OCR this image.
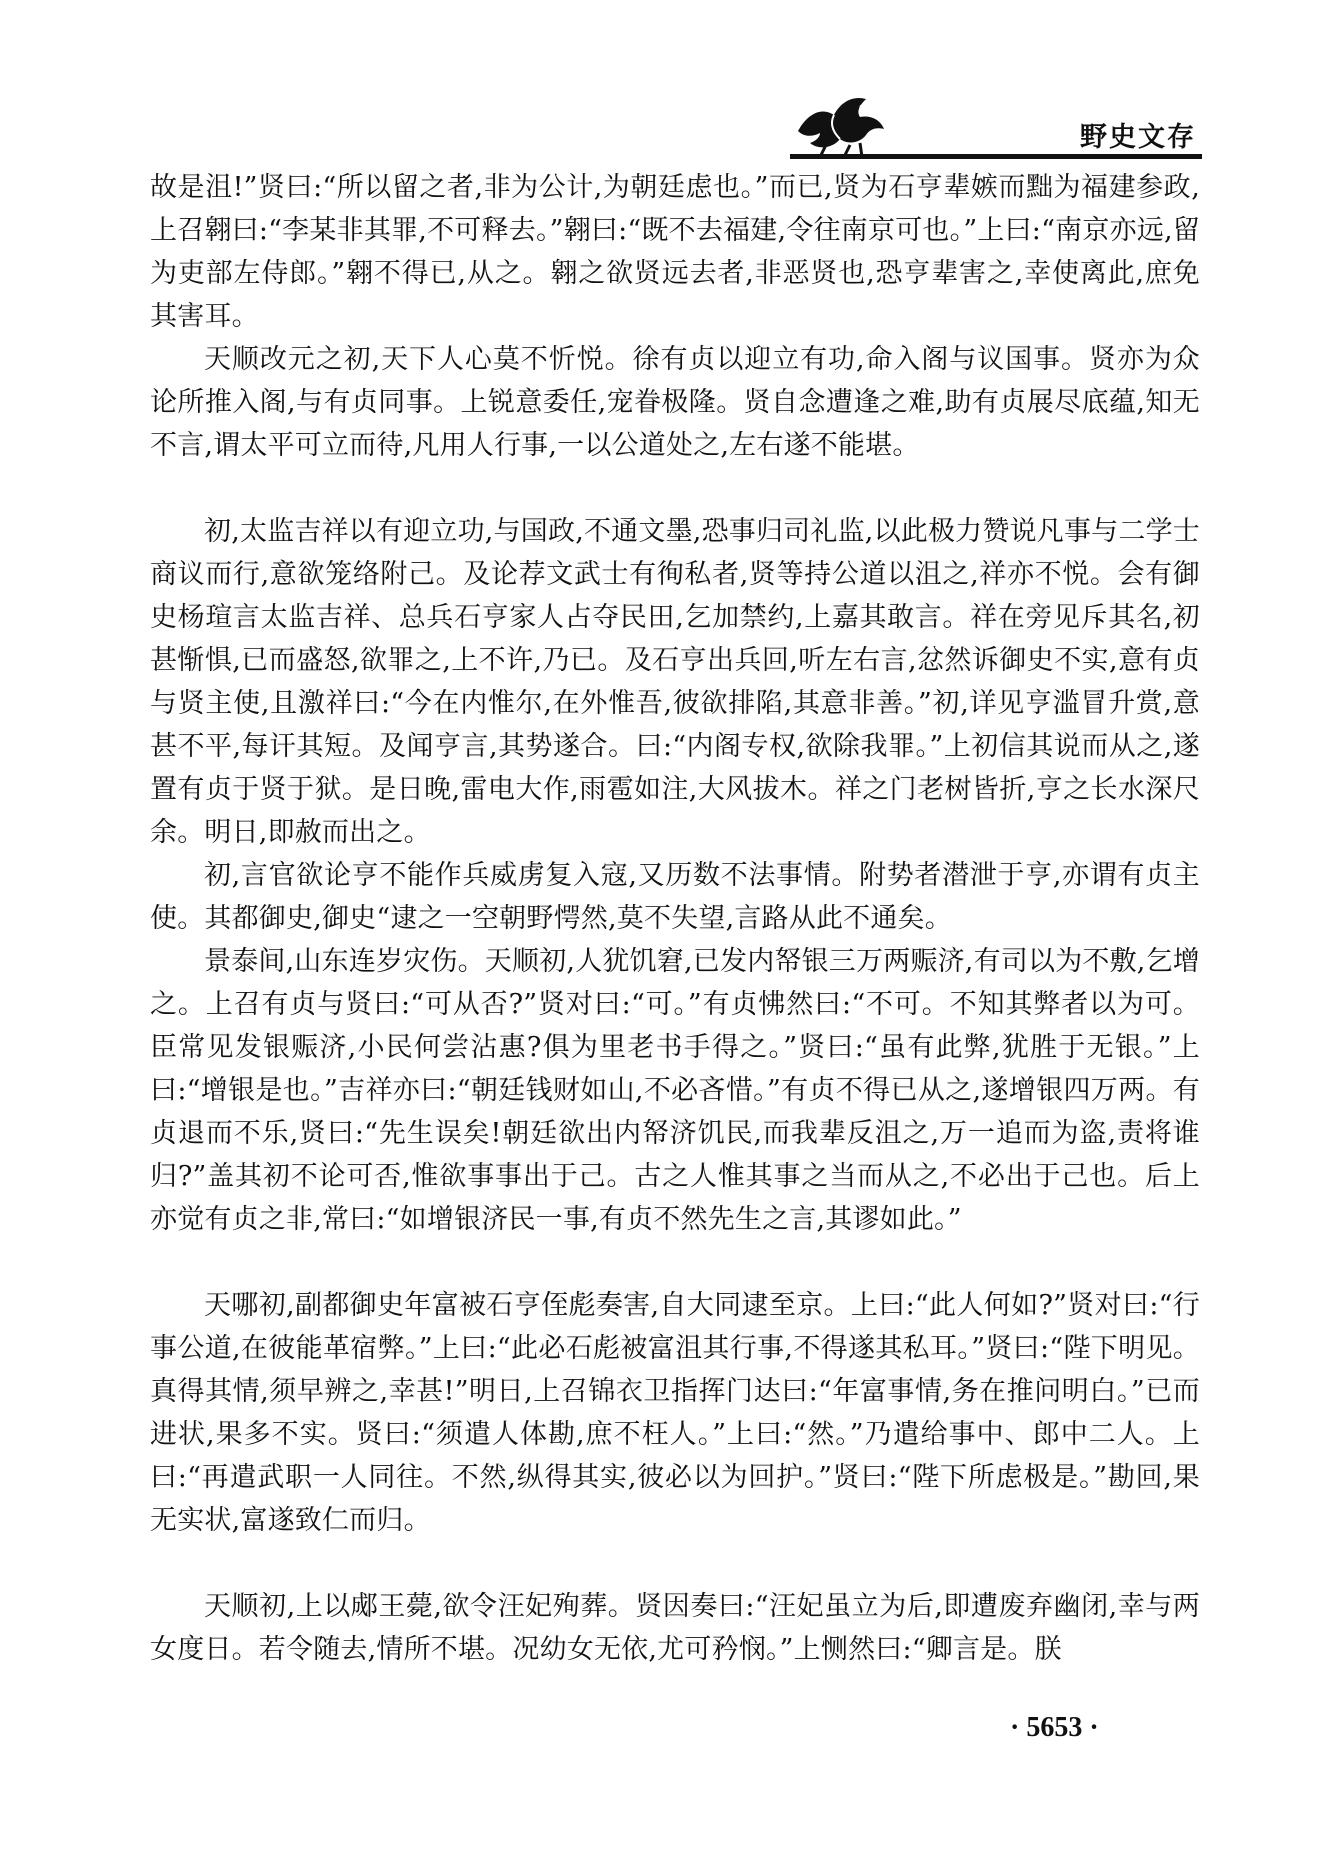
野史文存

故是沮!”贤曰:“所以留之者,非为公计,为朝廷虑也。”而已,贤为石亨辈嫉而黜为福建参政,上召翱曰:“李某非其罪,不可释去。”翱曰:“既不去福建,令往南京可也。”上曰:“南京亦远,留为吏部左侍郎。”翱不得已,从之。翱之欲贤远去者,非恶贤也,恐亨辈害之,幸使离此,庶免其害耳。

天顺改元之初,天下人心莫不忻悦。徐有贞以迎立有功,命入阁与议国事。贤亦为众论所推入阁,与有贞同事。上锐意委任,宠眷极隆。贤自念遭逢之难,助有贞展尽底蕴,知无不言,谓太平可立而待,凡用人行事,一以公道处之,左右遂不能堪。

初,太监吉祥以有迎立功,与国政,不通文墨,恐事归司礼监,以此极力赞说凡事与二学士商议而行,意欲笼络附己。及论荐文武士有徇私者,贤等持公道以沮之,祥亦不悦。会有御史杨瑄言太监吉祥、总兵石亨家人占夺民田,乞加禁约,上嘉其敢言。祥在旁见斥其名,初甚惭惧,已而盛怒,欲罪之,上不许,乃已。及石亨出兵回,听左右言,忿然诉御史不实,意有贞与贤主使,且激祥曰:“今在内惟尔,在外惟吾,彼欲排陷,其意非善。”初,详见亨滥冒升赏,意甚不平,每讦其短。及闻亨言,其势遂合。曰:“内阁专权,欲除我罪。”上初信其说而从之,遂置有贞于贤于狱。是日晚,雷电大作,雨雹如注,大风拔木。祥之门老树皆折,亨之长水深尺余。明日,即赦而出之。

初,言官欲论亨不能作兵威虏复入寇,又历数不法事情。附势者潜泄于亨,亦谓有贞主使。其都御史,御史“逮之一空朝野愕然,莫不失望,言路从此不通矣。

景泰间,山东连岁灾伤。天顺初,人犹饥窘,已发内帑银三万两赈济,有司以为不敷,乞增之。上召有贞与贤曰:“可从否?”贤对曰:“可。”有贞怫然曰:“不可。不知其弊者以为可。臣常见发银赈济,小民何尝沾惠?俱为里老书手得之。”贤曰:“虽有此弊,犹胜于无银。”上曰:“增银是也。”吉祥亦曰:“朝廷钱财如山,不必吝惜。”有贞不得已从之,遂增银四万两。有贞退而不乐,贤曰:“先生误矣!朝廷欲出内帑济饥民,而我辈反沮之,万一追而为盗,责将谁归?”盖其初不论可否,惟欲事事出于己。古之人惟其事之当而从之,不必出于己也。后上亦觉有贞之非,常曰:“如增银济民一事,有贞不然先生之言,其谬如此。”

天哪初,副都御史年富被石亨侄彪奏害,自大同逮至京。上曰:“此人何如?”贤对曰:“行事公道,在彼能革宿弊。”上曰:“此必石彪被富沮其行事,不得遂其私耳。”贤曰:“陛下明见。真得其情,须早辨之,幸甚!”明日,上召锦衣卫指挥门达曰:“年富事情,务在推问明白。”已而进状,果多不实。贤曰:“须遣人体勘,庶不枉人。”上曰:“然。”乃遣给事中、郎中二人。上曰:“再遣武职一人同往。不然,纵得其实,彼必以为回护。”贤曰:“陛下所虑极是。”勘回,果无实状,富遂致仁而归。

天顺初,上以郕王薨,欲令汪妃殉葬。贤因奏曰:“汪妃虽立为后,即遭废弃幽闭,幸与两女度日。若令随去,情所不堪。况幼女无依,尤可矜悯。”上恻然曰:“卿言是。朕

· 5653 ·
